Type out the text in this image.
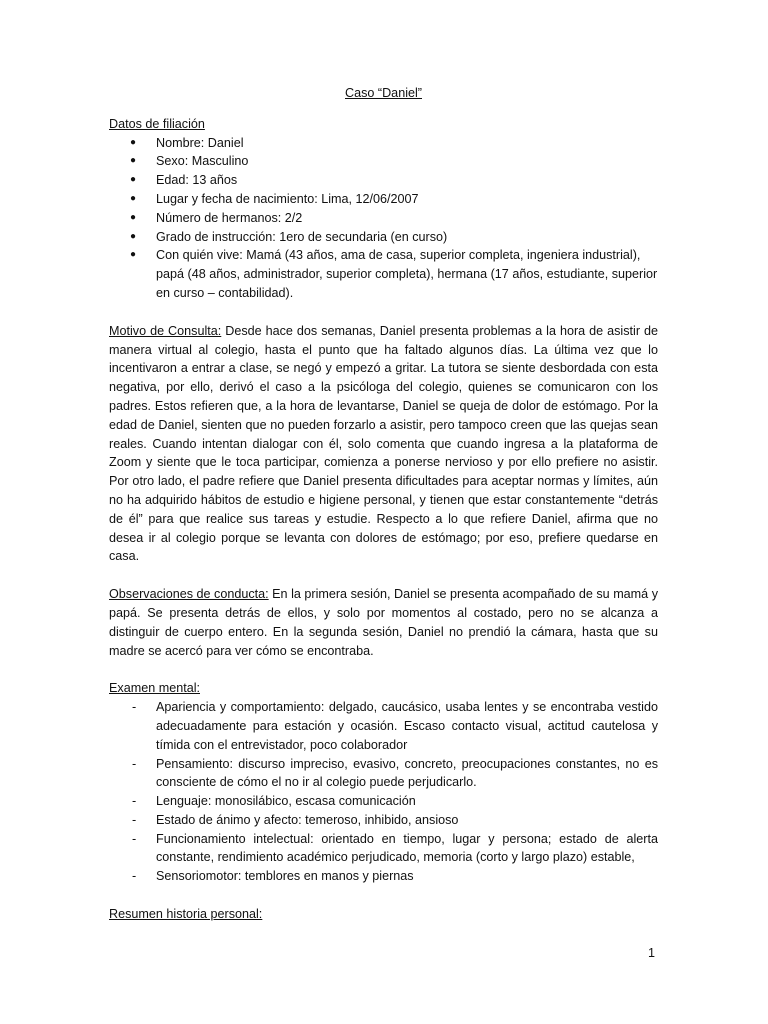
Caso “Daniel”
Datos de filiación
● Nombre: Daniel
● Sexo: Masculino
● Edad: 13 años
● Lugar y fecha de nacimiento: Lima, 12/06/2007
● Número de hermanos: 2/2
● Grado de instrucción: 1ero de secundaria (en curso)
● Con quién vive: Mamá (43 años, ama de casa, superior completa, ingeniera industrial), papá (48 años, administrador, superior completa), hermana (17 años, estudiante, superior en curso – contabilidad).

Motivo de Consulta: Desde hace dos semanas, Daniel presenta problemas a la hora de asistir de manera virtual al colegio, hasta el punto que ha faltado algunos días. La última vez que lo incentivaron a entrar a clase, se negó y empezó a gritar. La tutora se siente desbordada con esta negativa, por ello, derivó el caso a la psicóloga del colegio, quienes se comunicaron con los padres. Estos refieren que, a la hora de levantarse, Daniel se queja de dolor de estómago. Por la edad de Daniel, sienten que no pueden forzarlo a asistir, pero tampoco creen que las quejas sean reales. Cuando intentan dialogar con él, solo comenta que cuando ingresa a la plataforma de Zoom y siente que le toca participar, comienza a ponerse nervioso y por ello prefiere no asistir. Por otro lado, el padre refiere que Daniel presenta dificultades para aceptar normas y límites, aún no ha adquirido hábitos de estudio e higiene personal, y tienen que estar constantemente “detrás de él” para que realice sus tareas y estudie. Respecto a lo que refiere Daniel, afirma que no desea ir al colegio porque se levanta con dolores de estómago; por eso, prefiere quedarse en casa.

Observaciones de conducta: En la primera sesión, Daniel se presenta acompañado de su mamá y papá. Se presenta detrás de ellos, y solo por momentos al costado, pero no se alcanza a distinguir de cuerpo entero. En la segunda sesión, Daniel no prendió la cámara, hasta que su madre se acercó para ver cómo se encontraba.

Examen mental:
- Apariencia y comportamiento: delgado, caucásico, usaba lentes y se encontraba vestido adecuadamente para estación y ocasión. Escaso contacto visual, actitud cautelosa y tímida con el entrevistador, poco colaborador
- Pensamiento: discurso impreciso, evasivo, concreto, preocupaciones constantes, no es consciente de cómo el no ir al colegio puede perjudicarlo.
- Lenguaje: monosilábico, escasa comunicación
- Estado de ánimo y afecto: temeroso, inhibido, ansioso
- Funcionamiento intelectual: orientado en tiempo, lugar y persona; estado de alerta constante, rendimiento académico perjudicado, memoria (corto y largo plazo) estable,
- Sensoriomotor: temblores en manos y piernas
Resumen historia personal:
1
